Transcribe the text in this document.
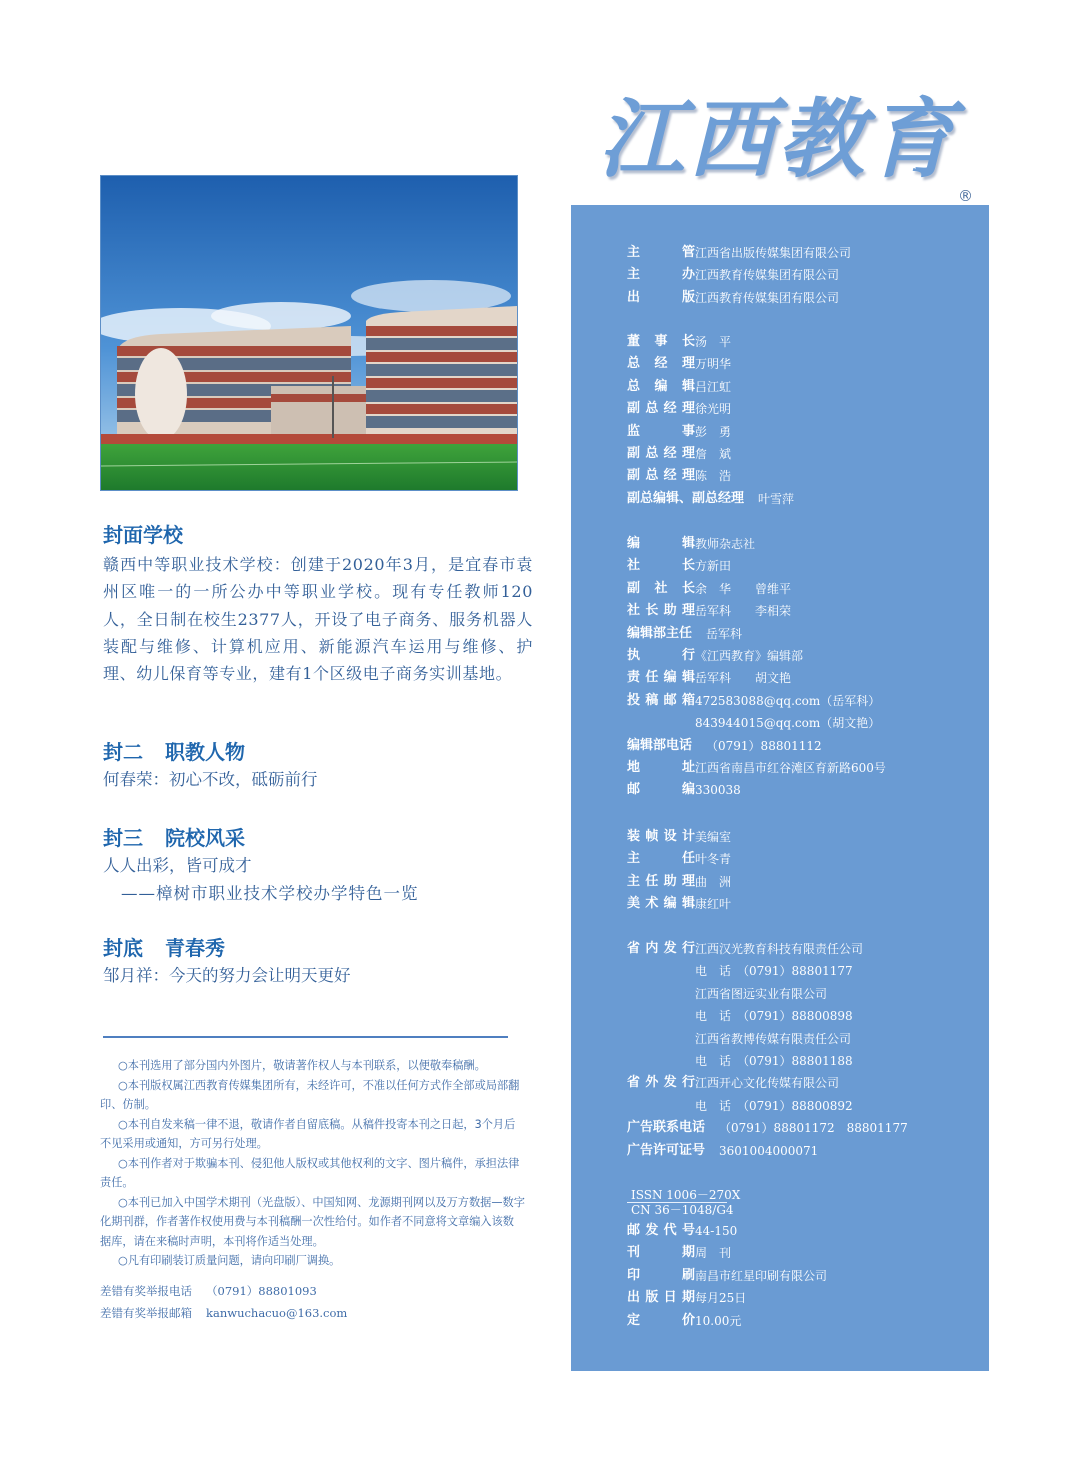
江西教育
®

封面学校

赣西中等职业技术学校：创建于2020年3月，是宜春市袁州区唯一的一所公办中等职业学校。现有专任教师120人，全日制在校生2377人，开设了电子商务、服务机器人装配与维修、计算机应用、新能源汽车运用与维修、护理、幼儿保育等专业，建有1个区级电子商务实训基地。

封二 职教人物

何春荣：初心不改，砥砺前行

封三 院校风采

人人出彩，皆可成才

——樟树市职业技术学校办学特色一览

封底 青春秀

邹月祥：今天的努力会让明天更好

○本刊选用了部分国内外图片，敬请著作权人与本刊联系，以便敬奉稿酬。

○本刊版权属江西教育传媒集团所有，未经许可，不准以任何方式作全部或局部翻印、仿制。

○本刊自发来稿一律不退，敬请作者自留底稿。从稿件投寄本刊之日起，3个月后不见采用或通知，方可另行处理。

○本刊作者对于欺骗本刊、侵犯他人版权或其他权利的文字、图片稿件，承担法律责任。

○本刊已加入中国学术期刊（光盘版）、中国知网、龙源期刊网以及万方数据—数字化期刊群，作者著作权使用费与本刊稿酬一次性给付。如作者不同意将文章编入该数据库，请在来稿时声明，本刊将作适当处理。

○凡有印刷装订质量问题，请向印刷厂调换。

差错有奖举报电话 （0791）88801093
差错有奖举报邮箱 kanwuchacuo@163.com
主　管江西省出版传媒集团有限公司
主　办江西教育传媒集团有限公司
出　版江西教育传媒集团有限公司
董事长汤　平
总经理万明华
总编辑吕江虹
副总经理徐光明
监　事彭　勇
副总经理詹　斌
副总经理陈　浩
副总编辑、副总经理 叶雪萍
编　辑教师杂志社
社　长方新田
副社长余　华　　曾维平
社长助理岳军科　　李相荣
编辑部主任 岳军科
执　行《江西教育》编辑部
责任编辑岳军科　　胡文艳
投稿邮箱472583088@qq.com（岳军科）
843944015@qq.com（胡文艳）
编辑部电话 （0791）88801112
地　址江西省南昌市红谷滩区育新路600号
邮　编330038
装帧设计美编室
主　任叶冬青
主任助理曲　洲
美术编辑康红叶
省内发行江西汉光教育科技有限责任公司
电　话　（0791）88801177
江西省图远实业有限公司
电　话　（0791）88800898
江西省教博传媒有限责任公司
电　话　（0791）88801188
省外发行江西开心文化传媒有限公司
电　话　（0791）88800892
广告联系电话 （0791）88801172　88801177
广告许可证号 3601004000071
ISSN 1006－270X
CN 36－1048/G4
邮发代号44-150
刊　期周　刊
印　刷南昌市红星印刷有限公司
出版日期每月25日
定　价10.00元
